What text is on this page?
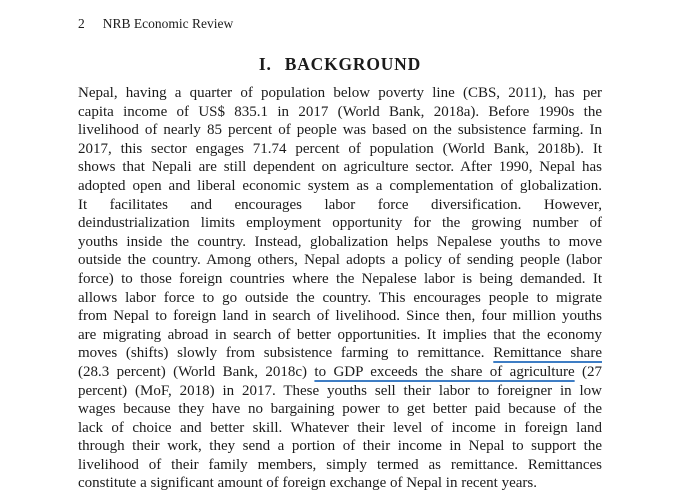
2 NRB Economic Review
I. BACKGROUND
Nepal, having a quarter of population below poverty line (CBS, 2011), has per
capita income of US$ 835.1 in 2017 (World Bank, 2018a). Before 1990s the
livelihood of nearly 85 percent of people was based on the subsistence farming. In
2017, this sector engages 71.74 percent of population (World Bank, 2018b). It
shows that Nepali are still dependent on agriculture sector. After 1990, Nepal has
adopted open and liberal economic system as a complementation of globalization.
It facilitates and encourages labor force diversification. However,
deindustrialization limits employment opportunity for the growing number of
youths inside the country. Instead, globalization helps Nepalese youths to move
outside the country. Among others, Nepal adopts a policy of sending people (labor
force) to those foreign countries where the Nepalese labor is being demanded. It
allows labor force to go outside the country. This encourages people to migrate
from Nepal to foreign land in search of livelihood. Since then, four million youths
are migrating abroad in search of better opportunities. It implies that the economy
moves (shifts) slowly from subsistence farming to remittance. Remittance share
(28.3 percent) (World Bank, 2018c) to GDP exceeds the share of agriculture (27
percent) (MoF, 2018) in 2017. These youths sell their labor to foreigner in low
wages because they have no bargaining power to get better paid because of the
lack of choice and better skill. Whatever their level of income in foreign land
through their work, they send a portion of their income in Nepal to support the
livelihood of their family members, simply termed as remittance. Remittances
constitute a significant amount of foreign exchange of Nepal in recent years.
